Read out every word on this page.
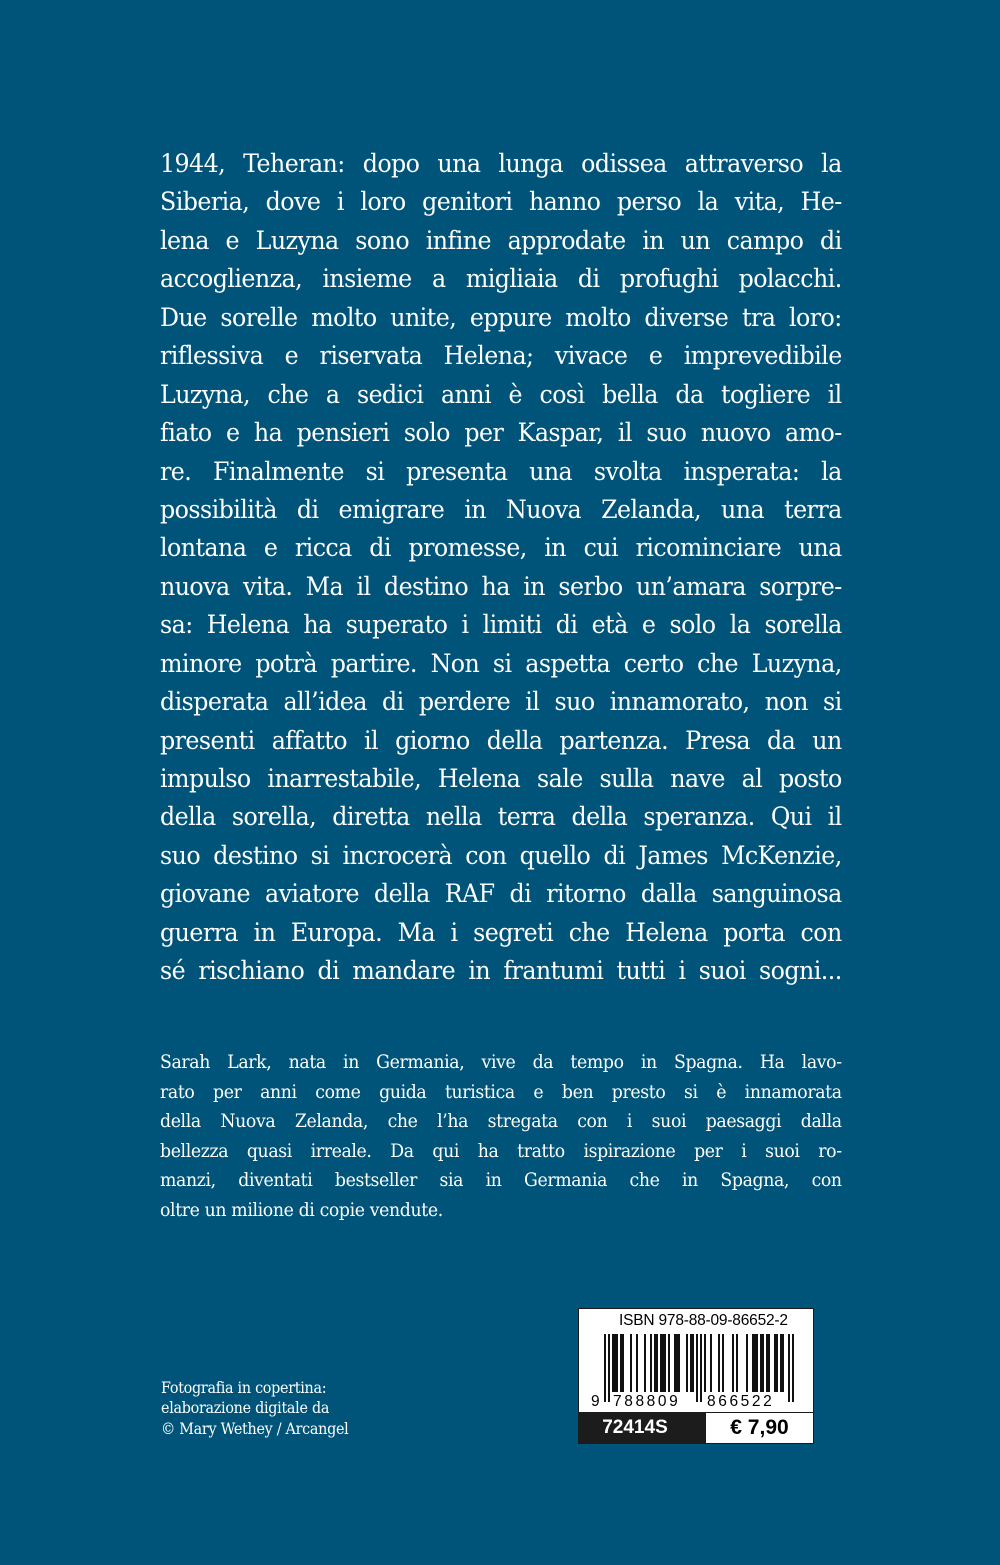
1944, Teheran: dopo una lunga odissea attraverso la
Siberia, dove i loro genitori hanno perso la vita, He-
lena e Luzyna sono infine approdate in un campo di
accoglienza, insieme a migliaia di profughi polacchi.
Due sorelle molto unite, eppure molto diverse tra loro:
riflessiva e riservata Helena; vivace e imprevedibile
Luzyna, che a sedici anni è così bella da togliere il
fiato e ha pensieri solo per Kaspar, il suo nuovo amo-
re. Finalmente si presenta una svolta insperata: la
possibilità di emigrare in Nuova Zelanda, una terra
lontana e ricca di promesse, in cui ricominciare una
nuova vita. Ma il destino ha in serbo un’amara sorpre-
sa: Helena ha superato i limiti di età e solo la sorella
minore potrà partire. Non si aspetta certo che Luzyna,
disperata all’idea di perdere il suo innamorato, non si
presenti affatto il giorno della partenza. Presa da un
impulso inarrestabile, Helena sale sulla nave al posto
della sorella, diretta nella terra della speranza. Qui il
suo destino si incrocerà con quello di James McKenzie,
giovane aviatore della RAF di ritorno dalla sanguinosa
guerra in Europa. Ma i segreti che Helena porta con
sé rischiano di mandare in frantumi tutti i suoi sogni...
Sarah Lark, nata in Germania, vive da tempo in Spagna. Ha lavo-
rato per anni come guida turistica e ben presto si è innamorata
della Nuova Zelanda, che l’ha stregata con i suoi paesaggi dalla
bellezza quasi irreale. Da qui ha tratto ispirazione per i suoi ro-
manzi, diventati bestseller sia in Germania che in Spagna, con
oltre un milione di copie vendute.
Fotografia in copertina:
elaborazione digitale da
© Mary Wethey / Arcangel
ISBN 978-88-09-86652-2
9 788809 866522
72414S	€ 7,90
